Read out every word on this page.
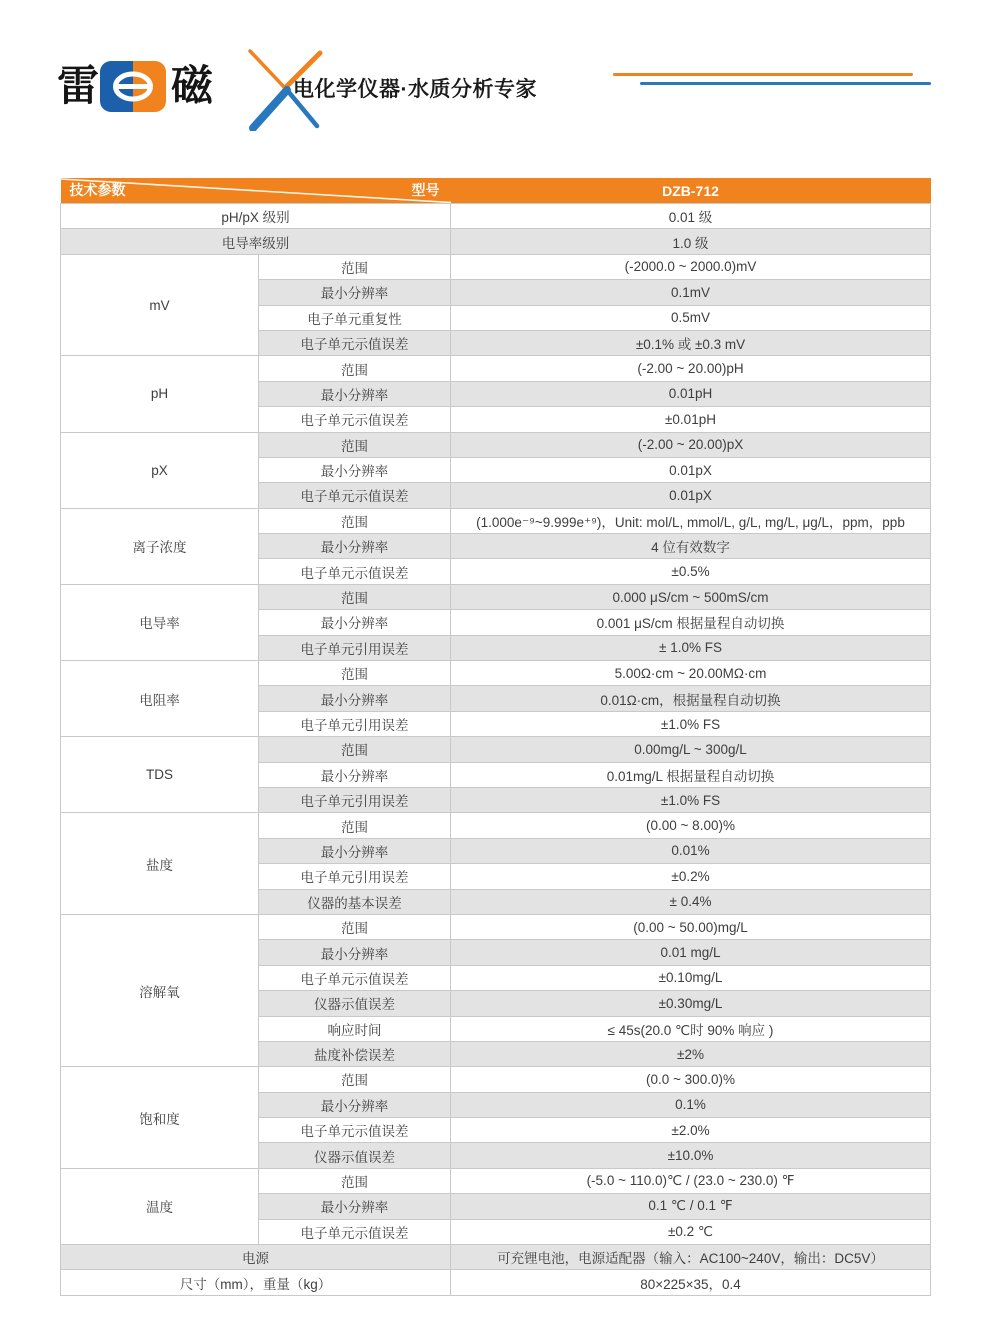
雷 磁	电化学仪器·水质分析专家
技术参数 型号		DZB-712
pH/pX 级别		0.01 级
电导率级别		1.0 级
mV	范围	(-2000.0 ~ 2000.0)mV
	最小分辨率	0.1mV
	电子单元重复性	0.5mV
	电子单元示值误差	±0.1% 或 ±0.3 mV
pH	范围	(-2.00 ~ 20.00)pH
	最小分辨率	0.01pH
	电子单元示值误差	±0.01pH
pX	范围	(-2.00 ~ 20.00)pX
	最小分辨率	0.01pX
	电子单元示值误差	0.01pX
离子浓度	范围	(1.000e⁻⁹~9.999e⁺⁹)，Unit: mol/L, mmol/L, g/L, mg/L, μg/L，ppm，ppb
	最小分辨率	4 位有效数字
	电子单元示值误差	±0.5%
电导率	范围	0.000 μS/cm ~ 500mS/cm
	最小分辨率	0.001 μS/cm 根据量程自动切换
	电子单元引用误差	± 1.0% FS
电阻率	范围	5.00Ω·cm ~ 20.00MΩ·cm
	最小分辨率	0.01Ω·cm，根据量程自动切换
	电子单元引用误差	±1.0% FS
TDS	范围	0.00mg/L ~ 300g/L
	最小分辨率	0.01mg/L 根据量程自动切换
	电子单元引用误差	±1.0% FS
盐度	范围	(0.00 ~ 8.00)%
	最小分辨率	0.01%
	电子单元引用误差	±0.2%
	仪器的基本误差	± 0.4%
溶解氧	范围	(0.00 ~ 50.00)mg/L
	最小分辨率	0.01 mg/L
	电子单元示值误差	±0.10mg/L
	仪器示值误差	±0.30mg/L
	响应时间	≤ 45s(20.0 ℃时 90% 响应 )
	盐度补偿误差	±2%
饱和度	范围	(0.0 ~ 300.0)%
	最小分辨率	0.1%
	电子单元示值误差	±2.0%
	仪器示值误差	±10.0%
温度	范围	(-5.0 ~ 110.0)℃ / (23.0 ~ 230.0) ℉
	最小分辨率	0.1 ℃ / 0.1 ℉
	电子单元示值误差	±0.2 ℃
电源		可充锂电池，电源适配器（输入：AC100~240V，输出：DC5V）
尺寸（mm），重量（kg）		80×225×35，0.4
